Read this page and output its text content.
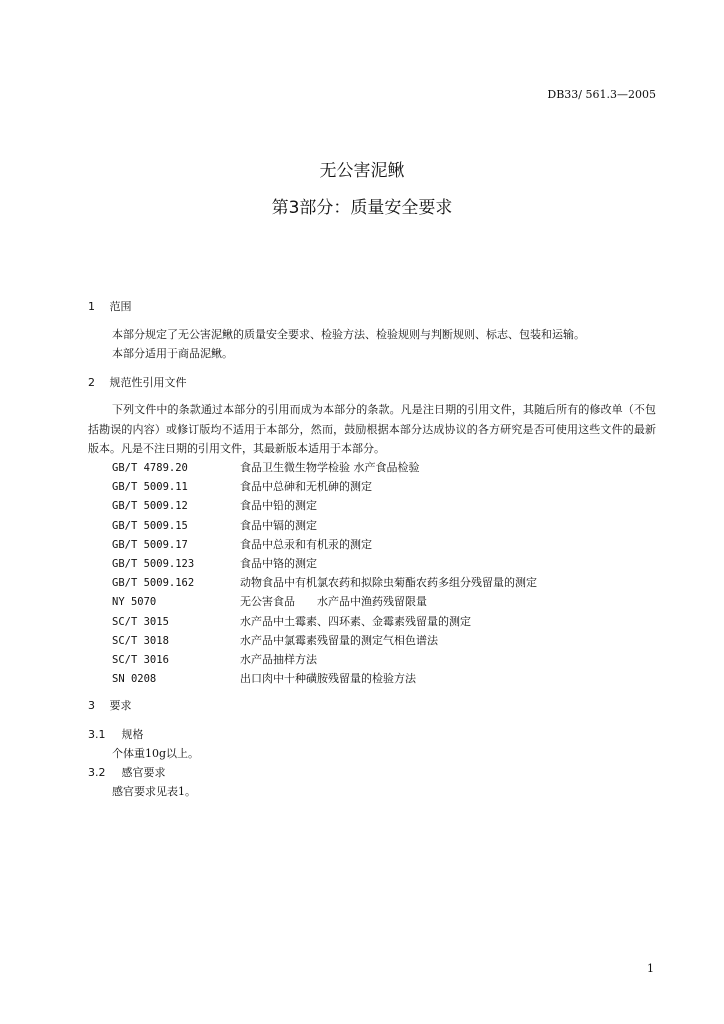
DB33/ 561.3—2005
无公害泥鳅
第3部分：质量安全要求
1 范围
本部分规定了无公害泥鳅的质量安全要求、检验方法、检验规则与判断规则、标志、包装和运输。
本部分适用于商品泥鳅。
2 规范性引用文件
下列文件中的条款通过本部分的引用而成为本部分的条款。凡是注日期的引用文件，其随后所有的修改单（不包括勘误的内容）或修订版均不适用于本部分，然而，鼓励根据本部分达成协议的各方研究是否可使用这些文件的最新版本。凡是不注日期的引用文件，其最新版本适用于本部分。
GB/T 4789.20	食品卫生微生物学检验 水产食品检验
GB/T 5009.11	食品中总砷和无机砷的测定
GB/T 5009.12	食品中铅的测定
GB/T 5009.15	食品中镉的测定
GB/T 5009.17	食品中总汞和有机汞的测定
GB/T 5009.123	食品中铬的测定
GB/T 5009.162	动物食品中有机氯农药和拟除虫菊酯农药多组分残留量的测定
NY 5070	无公害食品　　水产品中渔药残留限量
SC/T 3015	水产品中土霉素、四环素、金霉素残留量的测定
SC/T 3018	水产品中氯霉素残留量的测定气相色谱法
SC/T 3016	水产品抽样方法
SN 0208	出口肉中十种磺胺残留量的检验方法
3 要求
3.1 规格
个体重10g以上。
3.2 感官要求
感官要求见表1。
1
